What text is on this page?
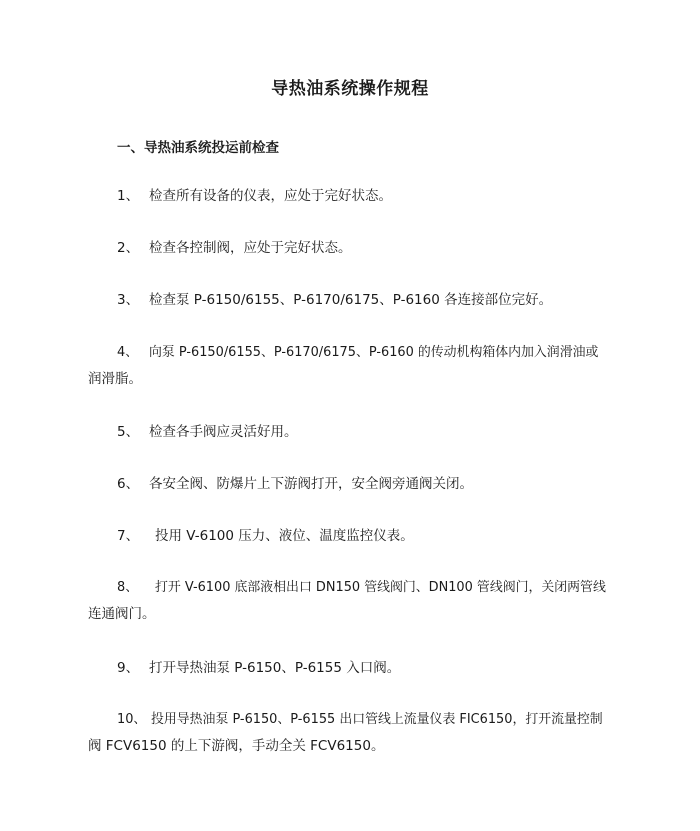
导热油系统操作规程
一、导热油系统投运前检查
1、 检查所有设备的仪表，应处于完好状态。
2、 检查各控制阀，应处于完好状态。
3、 检查泵 P-6150/6155、P-6170/6175、P-6160 各连接部位完好。
4、 向泵 P-6150/6155、P-6170/6175、P-6160 的传动机构箱体内加入润滑油或
润滑脂。
5、 检查各手阀应灵活好用。
6、 各安全阀、防爆片上下游阀打开，安全阀旁通阀关闭。
7、 投用 V-6100 压力、液位、温度监控仪表。
8、 打开 V-6100 底部液相出口 DN150 管线阀门、DN100 管线阀门，关闭两管线
连通阀门。
9、 打开导热油泵 P-6150、P-6155 入口阀。
10、 投用导热油泵 P-6150、P-6155 出口管线上流量仪表 FIC6150，打开流量控制
阀 FCV6150 的上下游阀，手动全关 FCV6150。
